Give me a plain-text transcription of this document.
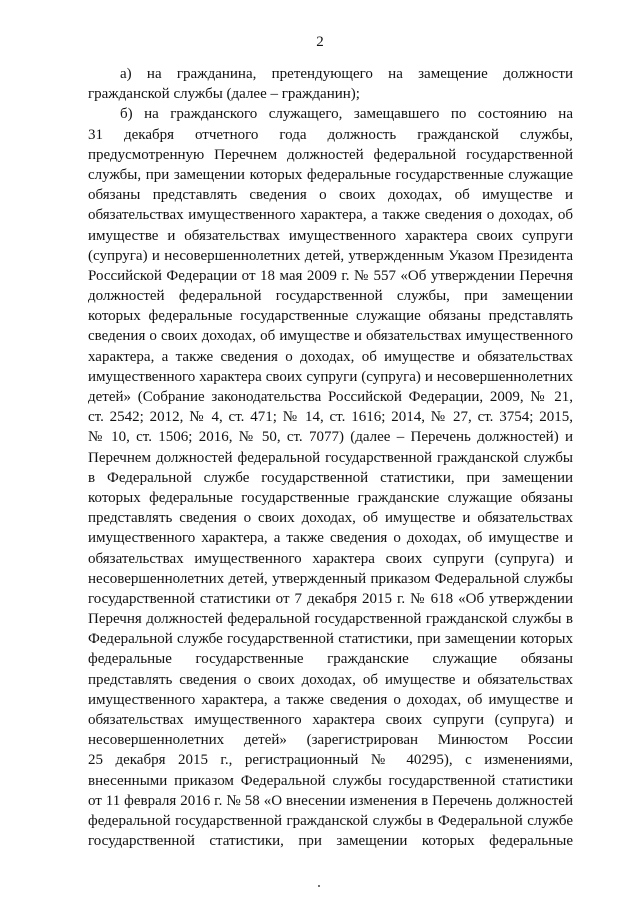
2
а) на гражданина, претендующего на замещение должности
гражданской службы (далее – гражданин);
б) на гражданского служащего, замещавшего по состоянию на
31 декабря отчетного года должность гражданской службы,
предусмотренную Перечнем должностей федеральной государственной
службы, при замещении которых федеральные государственные служащие
обязаны представлять сведения о своих доходах, об имуществе и
обязательствах имущественного характера, а также сведения о доходах, об
имуществе и обязательствах имущественного характера своих супруги
(супруга) и несовершеннолетних детей, утвержденным Указом Президента
Российской Федерации от 18 мая 2009 г. № 557 «Об утверждении Перечня
должностей федеральной государственной службы, при замещении
которых федеральные государственные служащие обязаны представлять
сведения о своих доходах, об имуществе и обязательствах имущественного
характера, а также сведения о доходах, об имуществе и обязательствах
имущественного характера своих супруги (супруга) и несовершеннолетних
детей» (Собрание законодательства Российской Федерации, 2009, № 21,
ст. 2542; 2012, № 4, ст. 471; № 14, ст. 1616; 2014, № 27, ст. 3754; 2015,
№ 10, ст. 1506; 2016, № 50, ст. 7077) (далее – Перечень должностей) и
Перечнем должностей федеральной государственной гражданской службы
в Федеральной службе государственной статистики, при замещении
которых федеральные государственные гражданские служащие обязаны
представлять сведения о своих доходах, об имуществе и обязательствах
имущественного характера, а также сведения о доходах, об имуществе и
обязательствах имущественного характера своих супруги (супруга) и
несовершеннолетних детей, утвержденный приказом Федеральной службы
государственной статистики от 7 декабря 2015 г. № 618 «Об утверждении
Перечня должностей федеральной государственной гражданской службы в
Федеральной службе государственной статистики, при замещении которых
федеральные государственные гражданские служащие обязаны
представлять сведения о своих доходах, об имуществе и обязательствах
имущественного характера, а также сведения о доходах, об имуществе и
обязательствах имущественного характера своих супруги (супруга) и
несовершеннолетних детей» (зарегистрирован Минюстом России
25 декабря 2015 г., регистрационный № 40295), с изменениями,
внесенными приказом Федеральной службы государственной статистики
от 11 февраля 2016 г. № 58 «О внесении изменения в Перечень должностей
федеральной государственной гражданской службы в Федеральной службе
государственной статистики, при замещении которых федеральные
